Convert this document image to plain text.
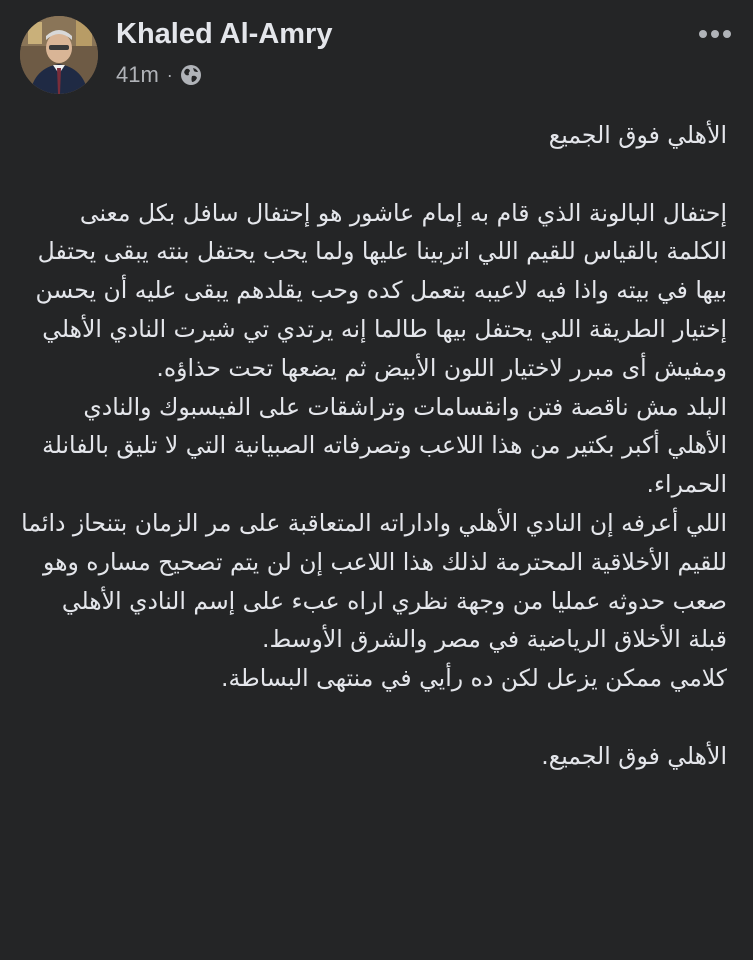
Khaled Al-Amry
41m ·

الأهلي فوق الجميع

إحتفال البالونة الذي قام به إمام عاشور هو إحتفال سافل بكل معنى الكلمة بالقياس للقيم اللي اتربينا عليها ولما يحب يحتفل بنته يبقى يحتفل بيها في بيته واذا فيه لاعيبه بتعمل كده وحب يقلدهم يبقى عليه أن يحسن إختيار الطريقة اللي يحتفل بيها طالما إنه يرتدي تي شيرت النادي الأهلي ومفيش أى مبرر لاختيار اللون الأبيض ثم يضعها تحت حذاؤه.

البلد مش ناقصة فتن وانقسامات وتراشقات على الفيسبوك والنادي الأهلي أكبر بكتير من هذا اللاعب وتصرفاته الصبيانية التي لا تليق بالفانلة الحمراء.

اللي أعرفه إن النادي الأهلي واداراته المتعاقبة على مر الزمان بتنحاز دائما للقيم الأخلاقية المحترمة لذلك هذا اللاعب إن لن يتم تصحيح مساره وهو صعب حدوثه عمليا من وجهة نظري اراه عبء على إسم النادي الأهلي قبلة الأخلاق الرياضية في مصر والشرق الأوسط.

كلامي ممكن يزعل لكن ده رأيي في منتهى البساطة.

الأهلي فوق الجميع.
